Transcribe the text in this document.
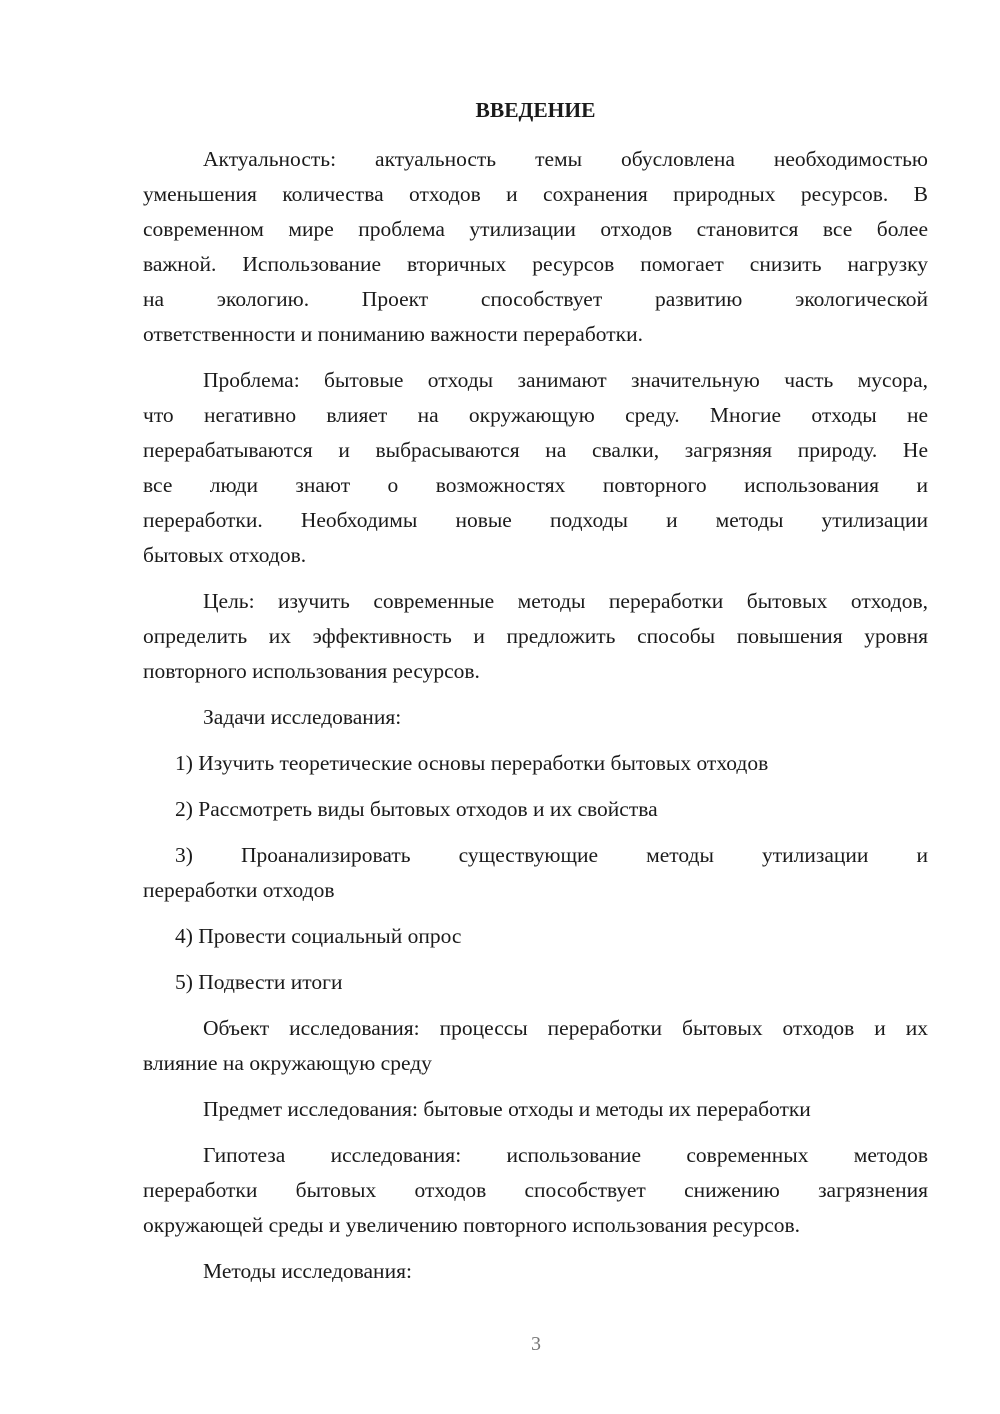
ВВЕДЕНИЕ
Актуальность: актуальность темы обусловлена необходимостью
уменьшения количества отходов и сохранения природных ресурсов. В
современном мире проблема утилизации отходов становится все более
важной. Использование вторичных ресурсов помогает снизить нагрузку
на экологию. Проект способствует развитию экологической
ответственности и пониманию важности переработки.
Проблема: бытовые отходы занимают значительную часть мусора,
что негативно влияет на окружающую среду. Многие отходы не
перерабатываются и выбрасываются на свалки, загрязняя природу. Не
все люди знают о возможностях повторного использования и
переработки. Необходимы новые подходы и методы утилизации
бытовых отходов.
Цель: изучить современные методы переработки бытовых отходов,
определить их эффективность и предложить способы повышения уровня
повторного использования ресурсов.
Задачи исследования:
1) Изучить теоретические основы переработки бытовых отходов
2) Рассмотреть виды бытовых отходов и их свойства
3) Проанализировать существующие методы утилизации и
переработки отходов
4) Провести социальный опрос
5) Подвести итоги
Объект исследования: процессы переработки бытовых отходов и их
влияние на окружающую среду
Предмет исследования: бытовые отходы и методы их переработки
Гипотеза исследования: использование современных методов
переработки бытовых отходов способствует снижению загрязнения
окружающей среды и увеличению повторного использования ресурсов.
Методы исследования:
3
